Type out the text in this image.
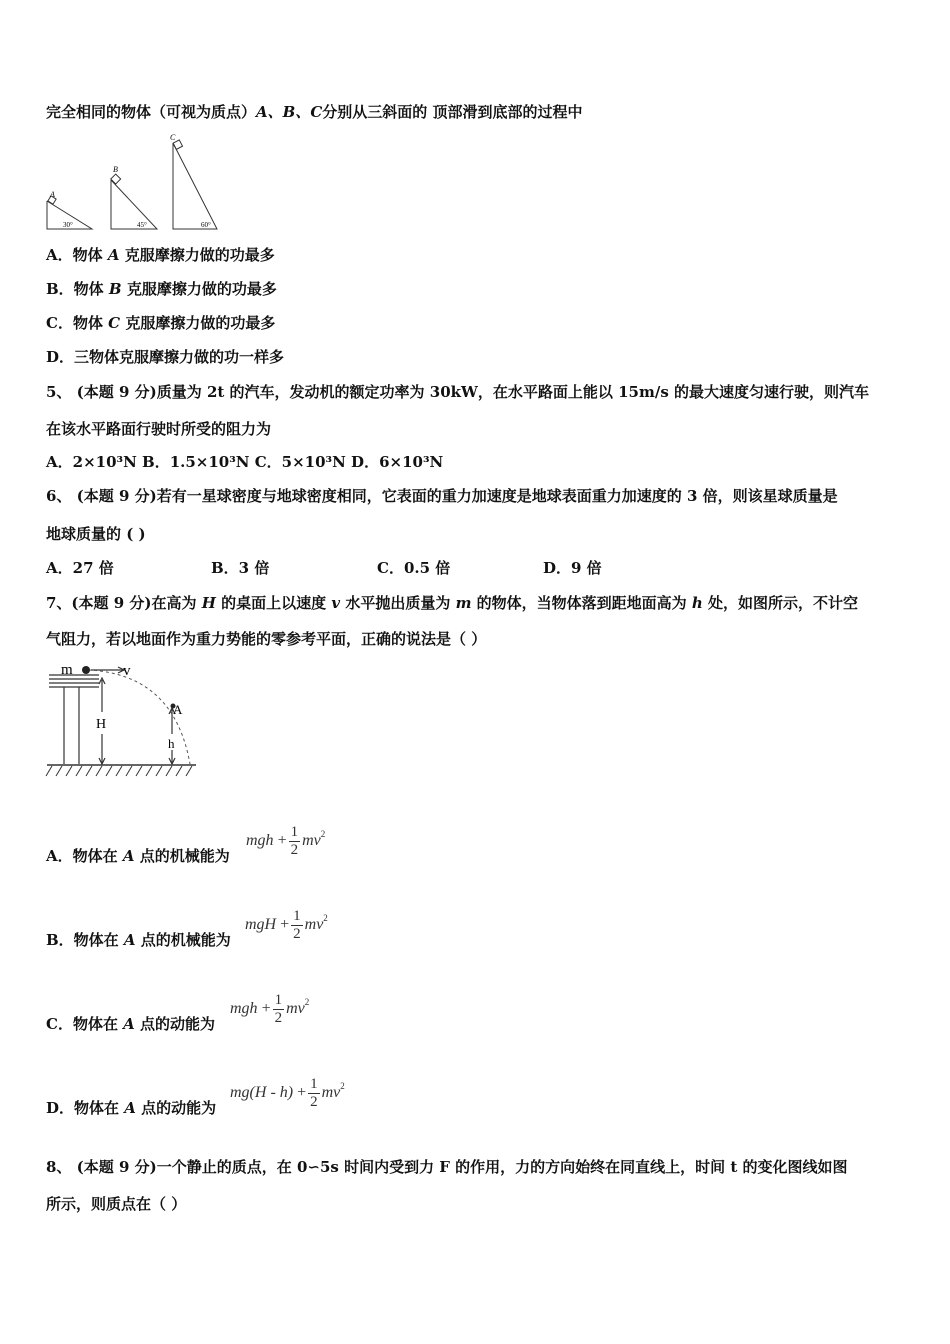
完全相同的物体（可视为质点）A、B、C分别从三斜面的 顶部滑到底部的过程中
A
30°
B
45°
C
60°
A．物体 A 克服摩擦力做的功最多
B．物体 B 克服摩擦力做的功最多
C．物体 C 克服摩擦力做的功最多
D．三物体克服摩擦力做的功一样多
5、 (本题 9 分)质量为 2t 的汽车，发动机的额定功率为 30kW，在水平路面上能以 15m/s 的最大速度匀速行驶，则汽车
在该水平路面行驶时所受的阻力为
A．2×10³N B．1.5×10³N C．5×10³N D．6×10³N
6、 (本题 9 分)若有一星球密度与地球密度相同，它表面的重力加速度是地球表面重力加速度的 3 倍，则该星球质量是
地球质量的 ( )
A．27 倍	B．3 倍	C．0.5 倍	D．9 倍
7、(本题 9 分)在高为 H 的桌面上以速度 v 水平抛出质量为 m 的物体，当物体落到距地面高为 h 处，如图所示，不计空
气阻力，若以地面作为重力势能的零参考平面，正确的说法是（ ）
m	v
H
A
h
A．物体在 A 点的机械能为
mgh + $\frac{1}{2} mv^2$
B．物体在 A 点的机械能为
mgH + $\frac{1}{2} mv^2$
C．物体在 A 点的动能为
mgh + $\frac{1}{2} mv^2$
D．物体在 A 点的动能为
$mg(H - h) + \frac{1}{2} mv^2$
8、 (本题 9 分)一个静止的质点，在 0∽5s 时间内受到力 F 的作用，力的方向始终在同直线上，时间 t 的变化图线如图
所示，则质点在（ ）
